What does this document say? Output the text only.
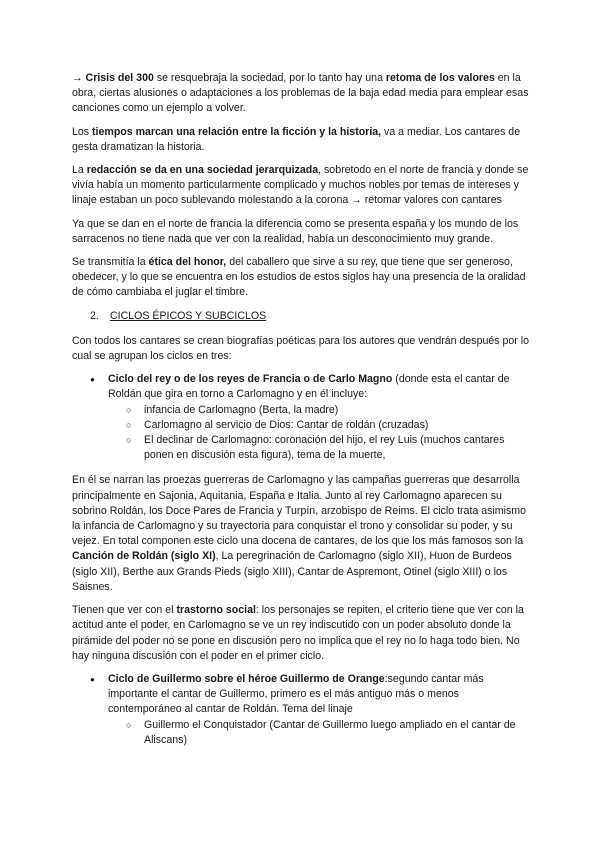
→ Crisis del 300 se resquebraja la sociedad, por lo tanto hay una retoma de los valores en la obra, ciertas alusiones o adaptaciones a los problemas de la baja edad media para emplear esas canciones como un ejemplo a volver.

Los tiempos marcan una relación entre la ficción y la historia, va a mediar. Los cantares de gesta dramatizan la historia.

La redacción se da en una sociedad jerarquizada, sobretodo en el norte de francia y donde se vivía había un momento particularmente complicado y muchos nobles por temas de intereses y linaje estaban un poco sublevando molestando a la corona → retomar valores con cantares

Ya que se dan en el norte de francia la diferencia como se presenta españa y los mundo de los sarracenos no tiene nada que ver con la realidad, había un desconocimiento muy grande.

Se transmitía la ética del honor, del caballero que sirve a su rey, que tiene que ser generoso, obedecer, y lo que se encuentra en los estudios de estos siglos hay una presencia de la oralidad de cómo cambiaba el juglar el timbre.

2.	CICLOS ÉPICOS Y SUBCICLOS

Con todos los cantares se crean biografías poéticas para los autores que vendrán después por lo cual se agrupan los ciclos en tres:

● Ciclo del rey o de los reyes de Francia o de Carlo Magno (donde esta el cantar de Roldán que gira en torno a Carlomagno y en él incluye:
○ infancia de Carlomagno (Berta, la madre)
○ Carlomagno al servicio de Dios: Cantar de roldán (cruzadas)
○ El declinar de Carlomagno: coronación del hijo, el rey Luis (muchos cantares ponen en discusión esta figura), tema de la muerte,

En él se narran las proezas guerreras de Carlomagno y las campañas guerreras que desarrolla principalmente en Sajonia, Aquitania, España e Italia. Junto al rey Carlomagno aparecen su sobrino Roldán, los Doce Pares de Francia y Turpín, arzobispo de Reims. El ciclo trata asimismo la infancia de Carlomagno y su trayectoria para conquistar el trono y consolidar su poder, y su vejez. En total componen este ciclo una docena de cantares, de los que los más famosos son la Canción de Roldán (siglo XI), La peregrinación de Carlomagno (siglo XII), Huon de Burdeos (siglo XII), Berthe aux Grands Pieds (siglo XIII), Cantar de Aspremont, Otinel (siglo XIII) o los Saisnes.

Tienen que ver con el trastorno social: los personajes se repiten, el criterio tiene que ver con la actitud ante el poder, en Carlomagno se ve un rey indiscutido con un poder absoluto donde la pirámide del poder no se pone en discusión pero no implica que el rey no lo haga todo bien. No hay ninguna discusión con el poder en el primer ciclo.

● Ciclo de Guillermo sobre el héroe Guillermo de Orange:segundo cantar más importante el cantar de Guillermo, primero es el más antiguo más o menos contemporáneo al cantar de Roldán. Tema del linaje
○ Guillermo el Conquistador (Cantar de Guillermo luego ampliado en el cantar de Aliscans)
